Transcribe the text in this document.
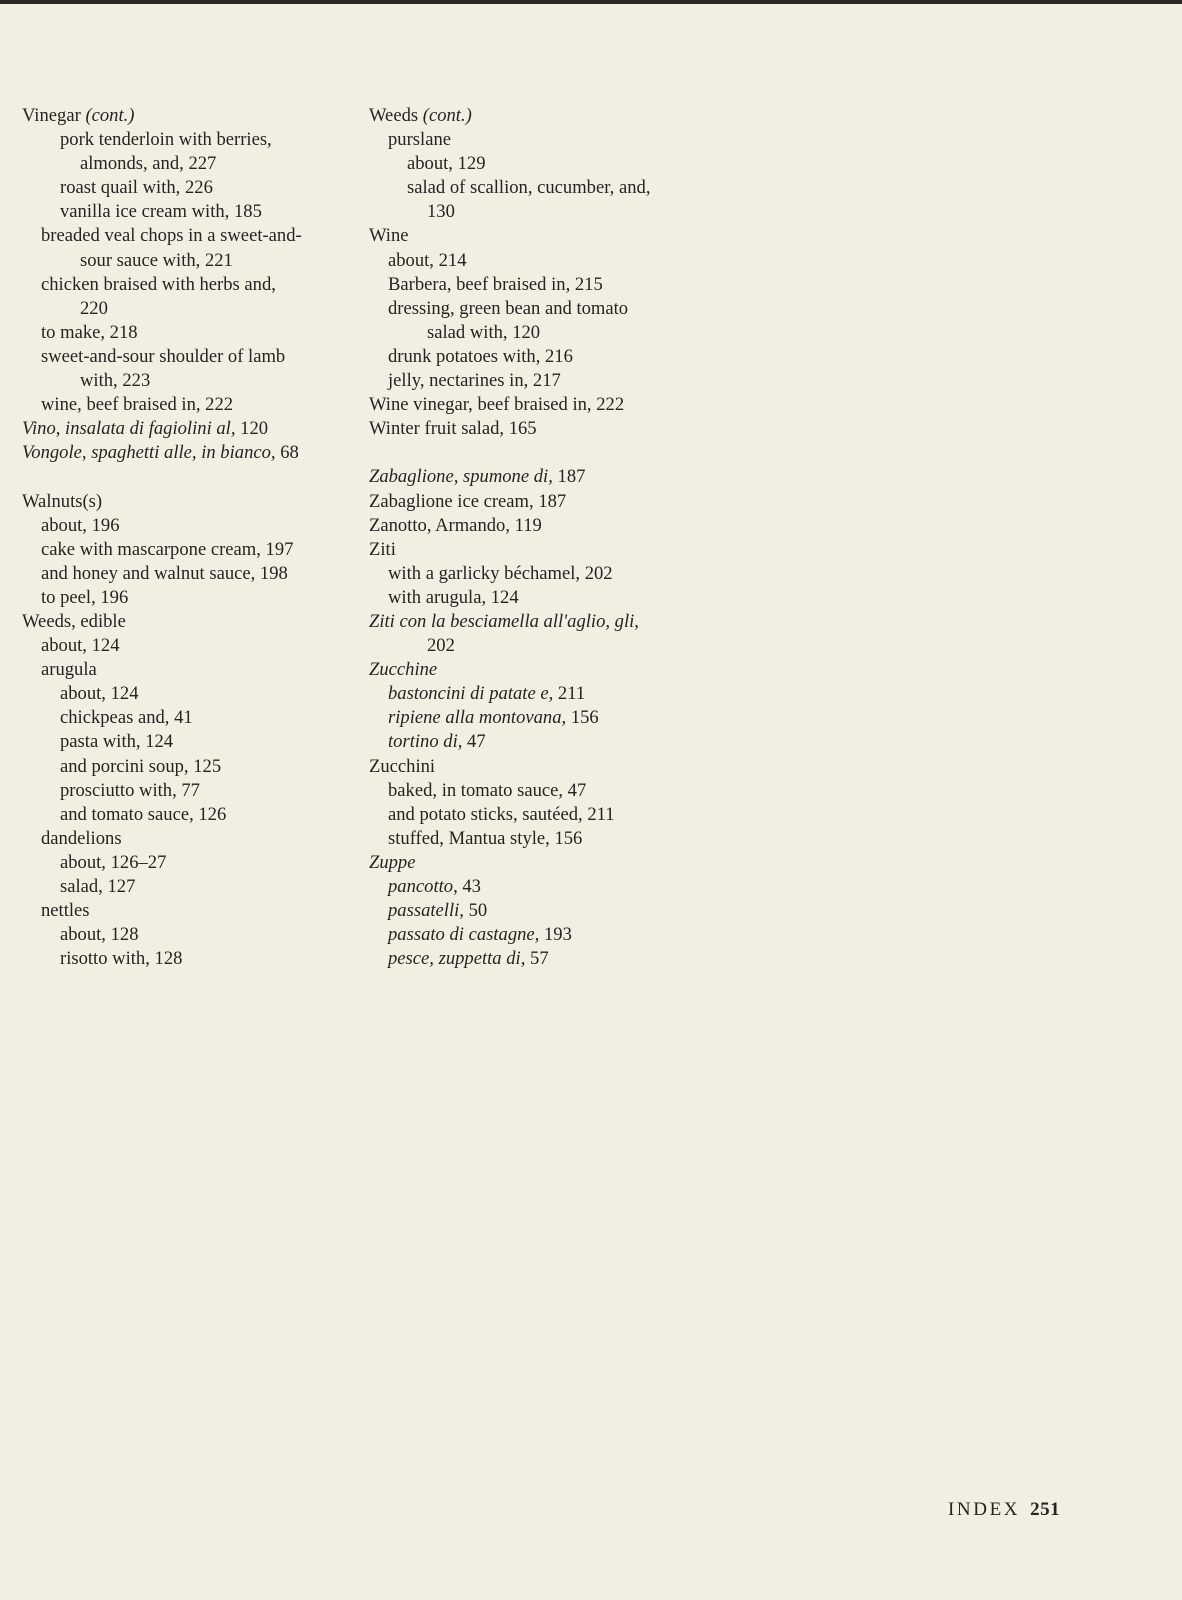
Vinegar (cont.)
pork tenderloin with berries,
almonds, and, 227
roast quail with, 226
vanilla ice cream with, 185
breaded veal chops in a sweet-and-
sour sauce with, 221
chicken braised with herbs and,
220
to make, 218
sweet-and-sour shoulder of lamb
with, 223
wine, beef braised in, 222
Vino, insalata di fagiolini al, 120
Vongole, spaghetti alle, in bianco, 68
Walnuts(s)
about, 196
cake with mascarpone cream, 197
and honey and walnut sauce, 198
to peel, 196
Weeds, edible
about, 124
arugula
about, 124
chickpeas and, 41
pasta with, 124
and porcini soup, 125
prosciutto with, 77
and tomato sauce, 126
dandelions
about, 126–27
salad, 127
nettles
about, 128
risotto with, 128
Weeds (cont.)
purslane
about, 129
salad of scallion, cucumber, and,
130
Wine
about, 214
Barbera, beef braised in, 215
dressing, green bean and tomato
salad with, 120
drunk potatoes with, 216
jelly, nectarines in, 217
Wine vinegar, beef braised in, 222
Winter fruit salad, 165
Zabaglione, spumone di, 187
Zabaglione ice cream, 187
Zanotto, Armando, 119
Ziti
with a garlicky béchamel, 202
with arugula, 124
Ziti con la besciamella all'aglio, gli,
202
Zucchine
bastoncini di patate e, 211
ripiene alla montovana, 156
tortino di, 47
Zucchini
baked, in tomato sauce, 47
and potato sticks, sautéed, 211
stuffed, Mantua style, 156
Zuppe
pancotto, 43
passatelli, 50
passato di castagne, 193
pesce, zuppetta di, 57
INDEX 251
